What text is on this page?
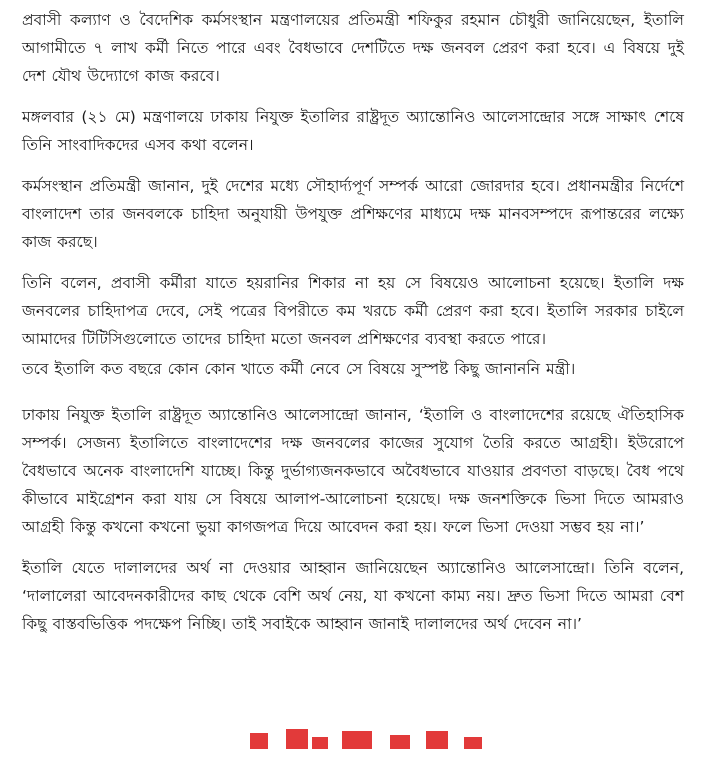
প্রবাসী কল্যাণ ও বৈদেশিক কর্মসংস্থান মন্ত্রণালয়ের প্রতিমন্ত্রী শফিকুর রহমান চৌধুরী জানিয়েছেন, ইতালি আগামীতে ৭ লাখ কর্মী নিতে পারে এবং বৈধভাবে দেশটিতে দক্ষ জনবল প্রেরণ করা হবে। এ বিষয়ে দুই দেশ যৌথ উদ্যোগে কাজ করবে।

মঙ্গলবার (২১ মে) মন্ত্রণালয়ে ঢাকায় নিযুক্ত ইতালির রাষ্ট্রদূত অ্যান্তোনিও আলেসান্দ্রোর সঙ্গে সাক্ষাৎ শেষে তিনি সাংবাদিকদের এসব কথা বলেন।

কর্মসংস্থান প্রতিমন্ত্রী জানান, দুই দেশের মধ্যে সৌহার্দ্যপূর্ণ সম্পর্ক আরো জোরদার হবে। প্রধানমন্ত্রীর নির্দেশে বাংলাদেশ তার জনবলকে চাহিদা অনুযায়ী উপযুক্ত প্রশিক্ষণের মাধ্যমে দক্ষ মানবসম্পদে রূপান্তরের লক্ষ্যে কাজ করছে।

তিনি বলেন, প্রবাসী কর্মীরা যাতে হয়রানির শিকার না হয় সে বিষয়েও আলোচনা হয়েছে। ইতালি দক্ষ জনবলের চাহিদাপত্র দেবে, সেই পত্রের বিপরীতে কম খরচে কর্মী প্রেরণ করা হবে। ইতালি সরকার চাইলে আমাদের টিটিসিগুলোতে তাদের চাহিদা মতো জনবল প্রশিক্ষণের ব্যবস্থা করতে পারে।

তবে ইতালি কত বছরে কোন কোন খাতে কর্মী নেবে সে বিষয়ে সুস্পষ্ট কিছু জানাননি মন্ত্রী।

ঢাকায় নিযুক্ত ইতালি রাষ্ট্রদূত অ্যান্তোনিও আলেসান্দ্রো জানান, ‘ইতালি ও বাংলাদেশের রয়েছে ঐতিহাসিক সম্পর্ক। সেজন্য ইতালিতে বাংলাদেশের দক্ষ জনবলের কাজের সুযোগ তৈরি করতে আগ্রহী। ইউরোপে বৈধভাবে অনেক বাংলাদেশি যাচ্ছে। কিন্তু দুর্ভাগ্যজনকভাবে অবৈধভাবে যাওয়ার প্রবণতা বাড়ছে। বৈধ পথে কীভাবে মাইগ্রেশন করা যায় সে বিষয়ে আলাপ-আলোচনা হয়েছে। দক্ষ জনশক্তিকে ভিসা দিতে আমরাও আগ্রহী কিন্তু কখনো কখনো ভুয়া কাগজপত্র দিয়ে আবেদন করা হয়। ফলে ভিসা দেওয়া সম্ভব হয় না।’

ইতালি যেতে দালালদের অর্থ না দেওয়ার আহ্বান জানিয়েছেন অ্যান্তোনিও আলেসান্দ্রো। তিনি বলেন, ‘দালালেরা আবেদনকারীদের কাছ থেকে বেশি অর্থ নেয়, যা কখনো কাম্য নয়। দ্রুত ভিসা দিতে আমরা বেশ কিছু বাস্তবভিত্তিক পদক্ষেপ নিচ্ছি। তাই সবাইকে আহ্বান জানাই দালালদের অর্থ দেবেন না।’
